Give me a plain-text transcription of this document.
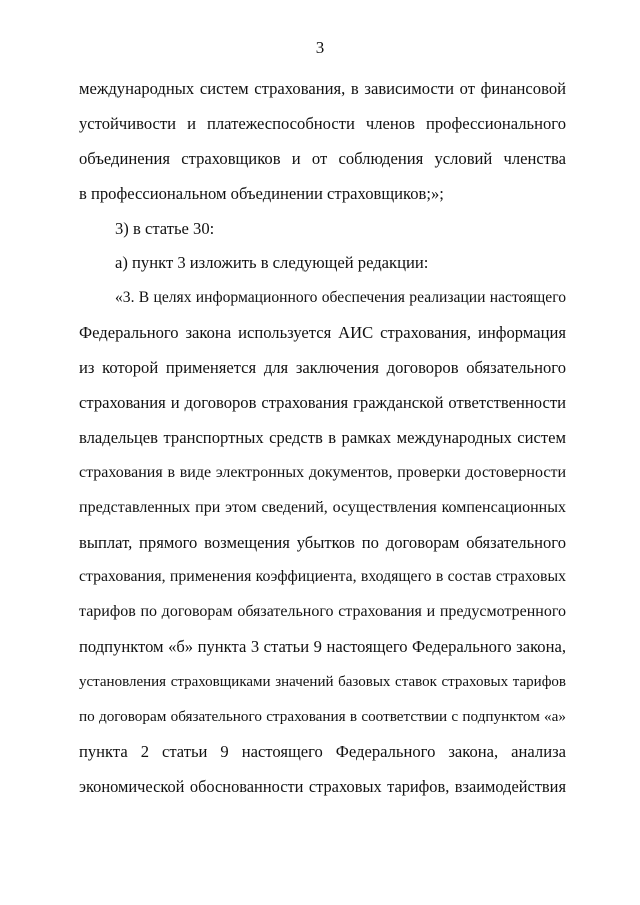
3
международных систем страхования, в зависимости от финансовой
устойчивости и платежеспособности членов профессионального
объединения страховщиков и от соблюдения условий членства
в профессиональном объединении страховщиков;»;
3) в статье 30:
а) пункт 3 изложить в следующей редакции:
«3. В целях информационного обеспечения реализации настоящего
Федерального закона используется АИС страхования, информация
из которой применяется для заключения договоров обязательного
страхования и договоров страхования гражданской ответственности
владельцев транспортных средств в рамках международных систем
страхования в виде электронных документов, проверки достоверности
представленных при этом сведений, осуществления компенсационных
выплат, прямого возмещения убытков по договорам обязательного
страхования, применения коэффициента, входящего в состав страховых
тарифов по договорам обязательного страхования и предусмотренного
подпунктом «б» пункта 3 статьи 9 настоящего Федерального закона,
установления страховщиками значений базовых ставок страховых тарифов
по договорам обязательного страхования в соответствии с подпунктом «а»
пункта 2 статьи 9 настоящего Федерального закона, анализа
экономической обоснованности страховых тарифов, взаимодействия
